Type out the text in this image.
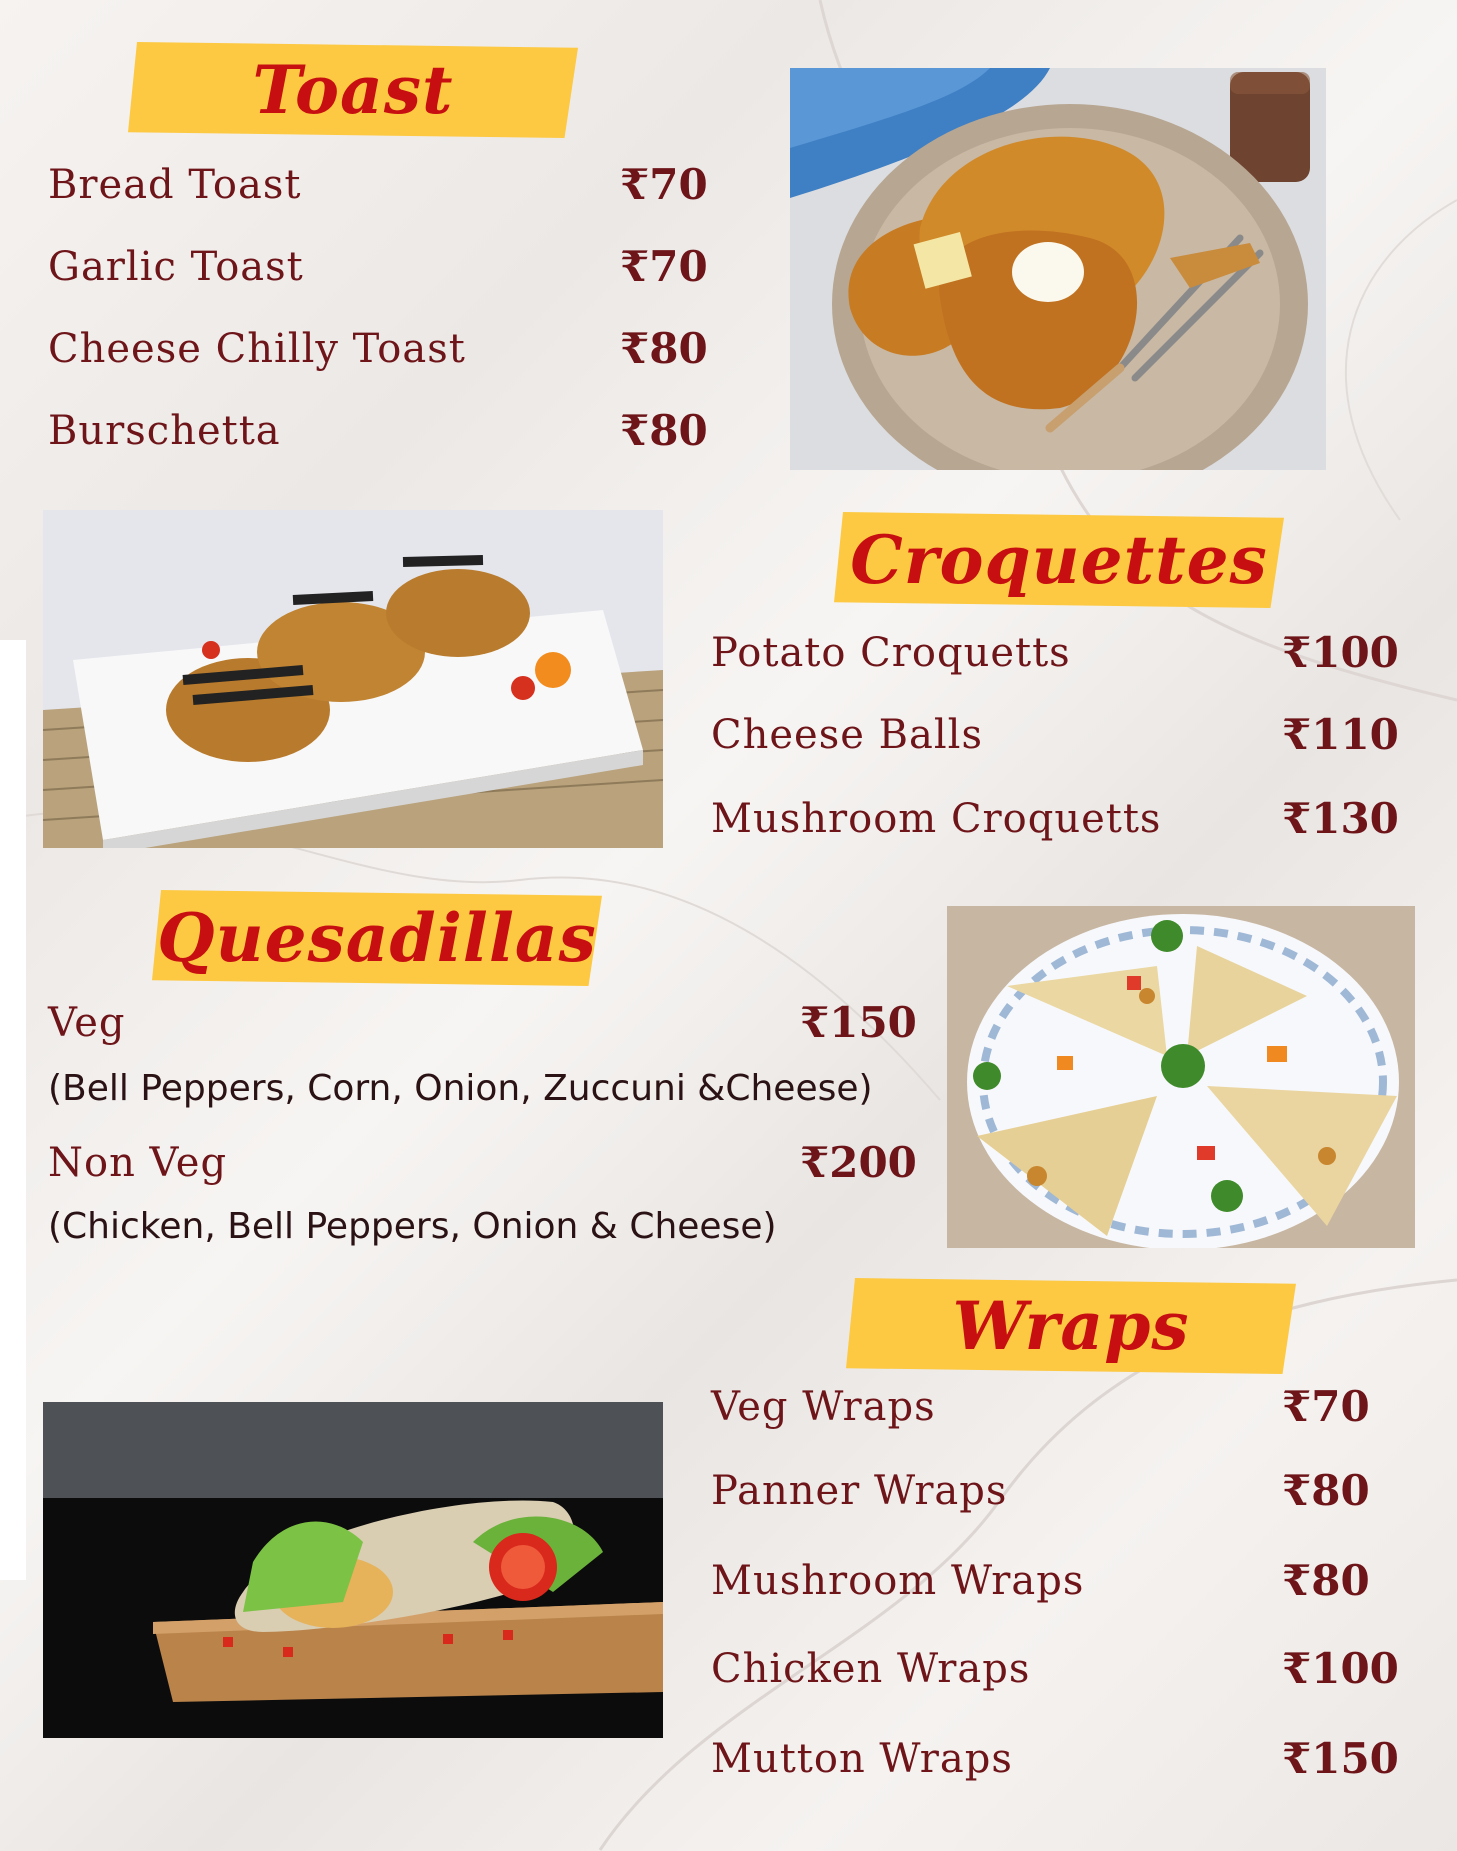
Toast
Bread Toast	₹70
Garlic Toast	₹70
Cheese Chilly Toast	₹80
Burschetta	₹80
Croquettes
Potato Croquetts	₹100
Cheese Balls	₹110
Mushroom Croquetts	₹130
Quesadillas
Veg	₹150
(Bell Peppers, Corn, Onion, Zuccuni &Cheese)
Non Veg	₹200
(Chicken, Bell Peppers, Onion & Cheese)
Wraps
Veg Wraps	₹70
Panner Wraps	₹80
Mushroom Wraps	₹80
Chicken Wraps	₹100
Mutton Wraps	₹150
